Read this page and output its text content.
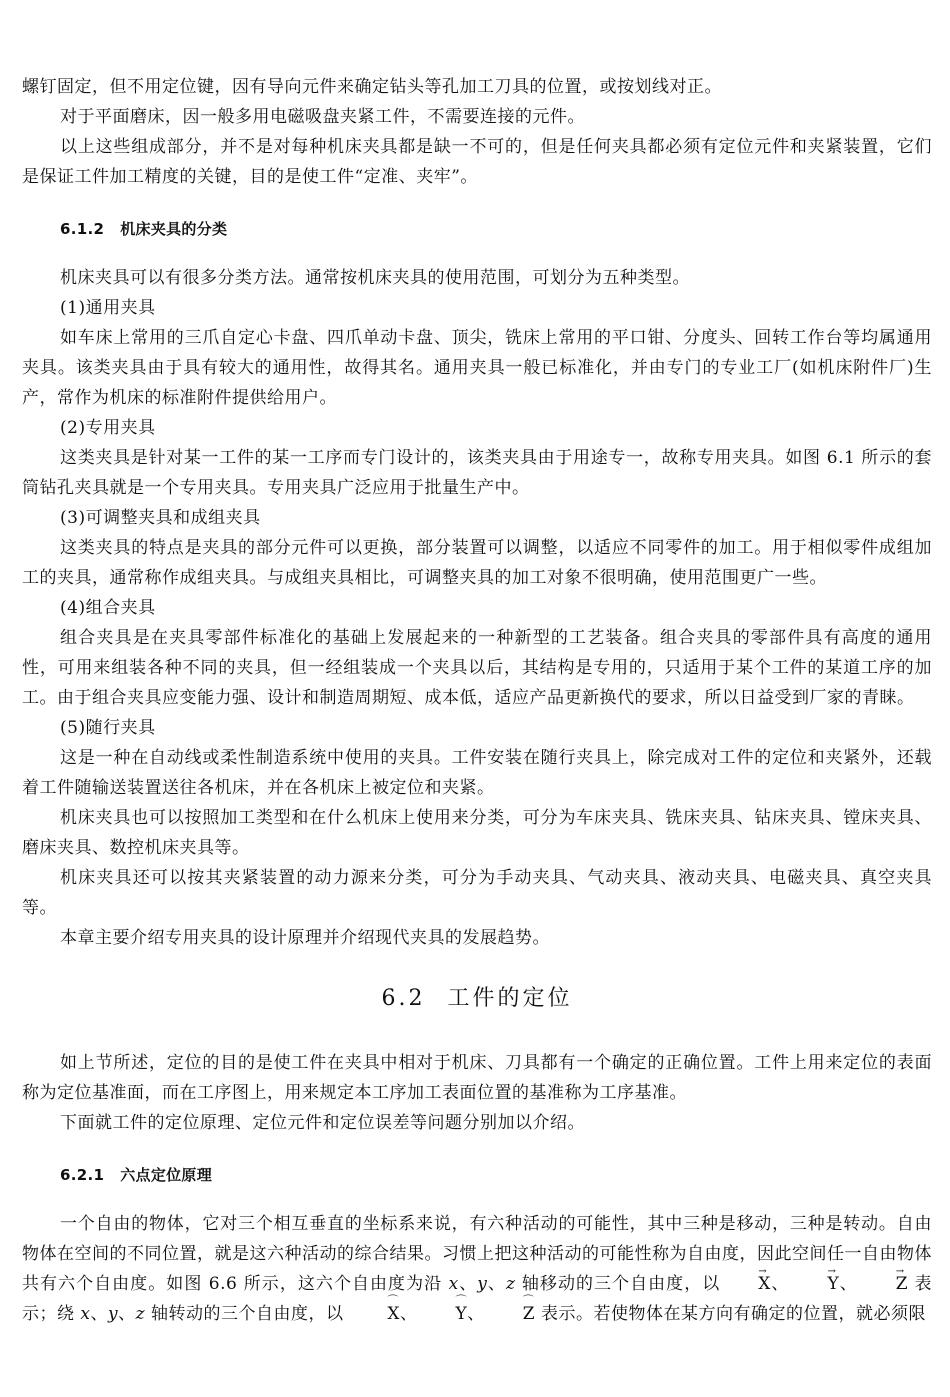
螺钉固定，但不用定位键，因有导向元件来确定钻头等孔加工刀具的位置，或按划线对正。

对于平面磨床，因一般多用电磁吸盘夹紧工件，不需要连接的元件。

以上这些组成部分，并不是对每种机床夹具都是缺一不可的，但是任何夹具都必须有定位元件和夹紧装置，它们是保证工件加工精度的关键，目的是使工件“定准、夹牢”。

6.1.2 机床夹具的分类

机床夹具可以有很多分类方法。通常按机床夹具的使用范围，可划分为五种类型。

(1)通用夹具

如车床上常用的三爪自定心卡盘、四爪单动卡盘、顶尖，铣床上常用的平口钳、分度头、回转工作台等均属通用夹具。该类夹具由于具有较大的通用性，故得其名。通用夹具一般已标准化，并由专门的专业工厂(如机床附件厂)生产，常作为机床的标准附件提供给用户。

(2)专用夹具

这类夹具是针对某一工件的某一工序而专门设计的，该类夹具由于用途专一，故称专用夹具。如图 6.1 所示的套筒钻孔夹具就是一个专用夹具。专用夹具广泛应用于批量生产中。

(3)可调整夹具和成组夹具

这类夹具的特点是夹具的部分元件可以更换，部分装置可以调整，以适应不同零件的加工。用于相似零件成组加工的夹具，通常称作成组夹具。与成组夹具相比，可调整夹具的加工对象不很明确，使用范围更广一些。

(4)组合夹具

组合夹具是在夹具零部件标准化的基础上发展起来的一种新型的工艺装备。组合夹具的零部件具有高度的通用性，可用来组装各种不同的夹具，但一经组装成一个夹具以后，其结构是专用的，只适用于某个工件的某道工序的加工。由于组合夹具应变能力强、设计和制造周期短、成本低，适应产品更新换代的要求，所以日益受到厂家的青睐。

(5)随行夹具

这是一种在自动线或柔性制造系统中使用的夹具。工件安装在随行夹具上，除完成对工件的定位和夹紧外，还载着工件随输送装置送往各机床，并在各机床上被定位和夹紧。

机床夹具也可以按照加工类型和在什么机床上使用来分类，可分为车床夹具、铣床夹具、钻床夹具、镗床夹具、磨床夹具、数控机床夹具等。

机床夹具还可以按其夹紧装置的动力源来分类，可分为手动夹具、气动夹具、液动夹具、电磁夹具、真空夹具等。

本章主要介绍专用夹具的设计原理并介绍现代夹具的发展趋势。

6.2 工件的定位

如上节所述，定位的目的是使工件在夹具中相对于机床、刀具都有一个确定的正确位置。工件上用来定位的表面称为定位基准面，而在工序图上，用来规定本工序加工表面位置的基准称为工序基准。

下面就工件的定位原理、定位元件和定位误差等问题分别加以介绍。

6.2.1 六点定位原理

一个自由的物体，它对三个相互垂直的坐标系来说，有六种活动的可能性，其中三种是移动，三种是转动。自由物体在空间的不同位置，就是这六种活动的综合结果。习惯上把这种活动的可能性称为自由度，因此空间任一自由物体共有六个自由度。如图 6.6 所示，这六个自由度为沿 x、y、z 轴移动的三个自由度，以 → X、 → Y、 → Z 表示；绕 x、y、z 轴转动的三个自由度，以 ⌒ X、 ⌒ Y、 ⌒ Z 表示。若使物体在某方向有确定的位置，就必须限
